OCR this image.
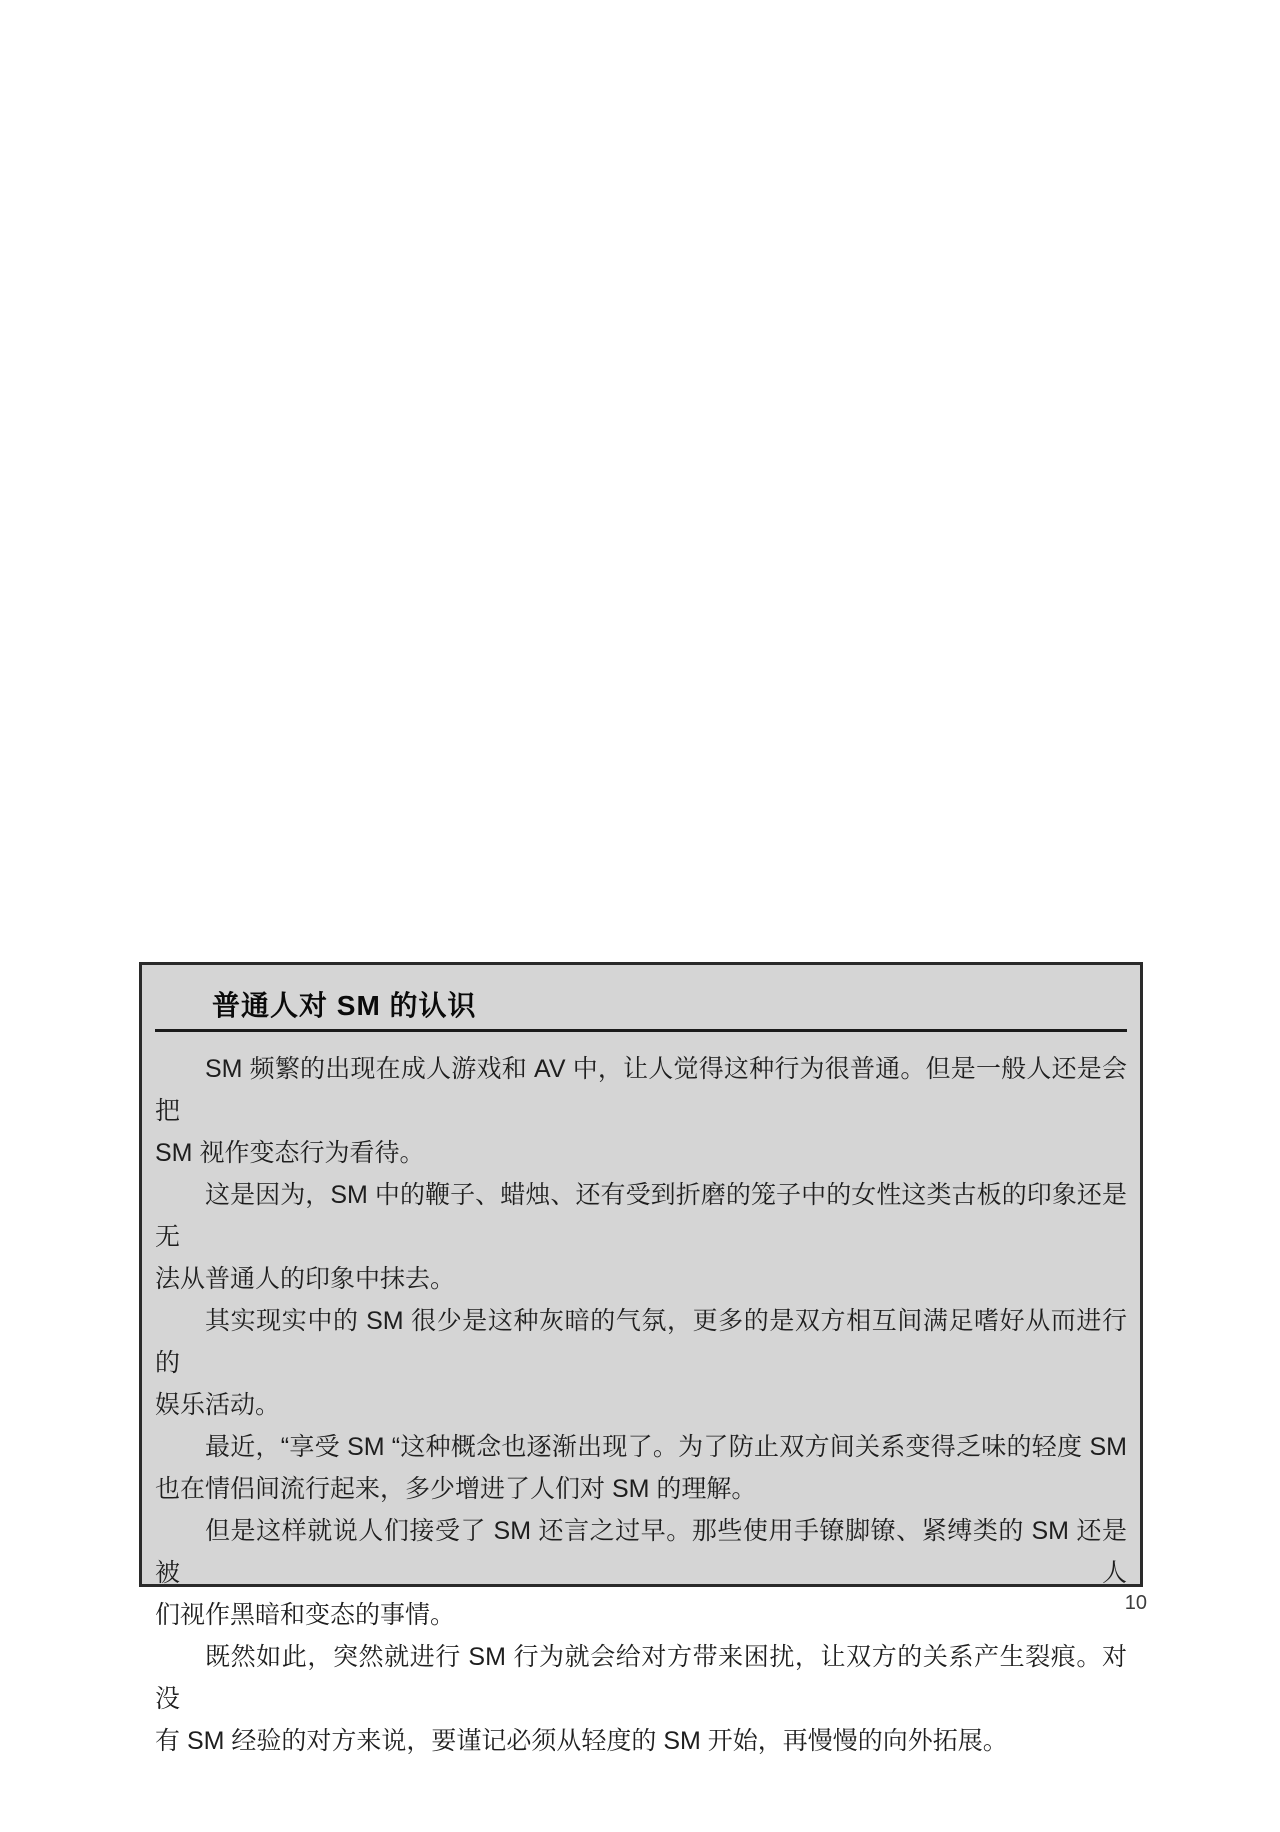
普通人对 SM 的认识
SM 频繁的出现在成人游戏和 AV 中，让人觉得这种行为很普通。但是一般人还是会把
SM 视作变态行为看待。
这是因为，SM 中的鞭子、蜡烛、还有受到折磨的笼子中的女性这类古板的印象还是无
法从普通人的印象中抹去。
其实现实中的 SM 很少是这种灰暗的气氛，更多的是双方相互间满足嗜好从而进行的
娱乐活动。
最近，“享受 SM “这种概念也逐渐出现了。为了防止双方间关系变得乏味的轻度 SM
也在情侣间流行起来，多少增进了人们对 SM 的理解。
但是这样就说人们接受了 SM 还言之过早。那些使用手镣脚镣、紧缚类的 SM 还是被人
们视作黑暗和变态的事情。
既然如此，突然就进行 SM 行为就会给对方带来困扰，让双方的关系产生裂痕。对没
有 SM 经验的对方来说，要谨记必须从轻度的 SM 开始，再慢慢的向外拓展。
10
